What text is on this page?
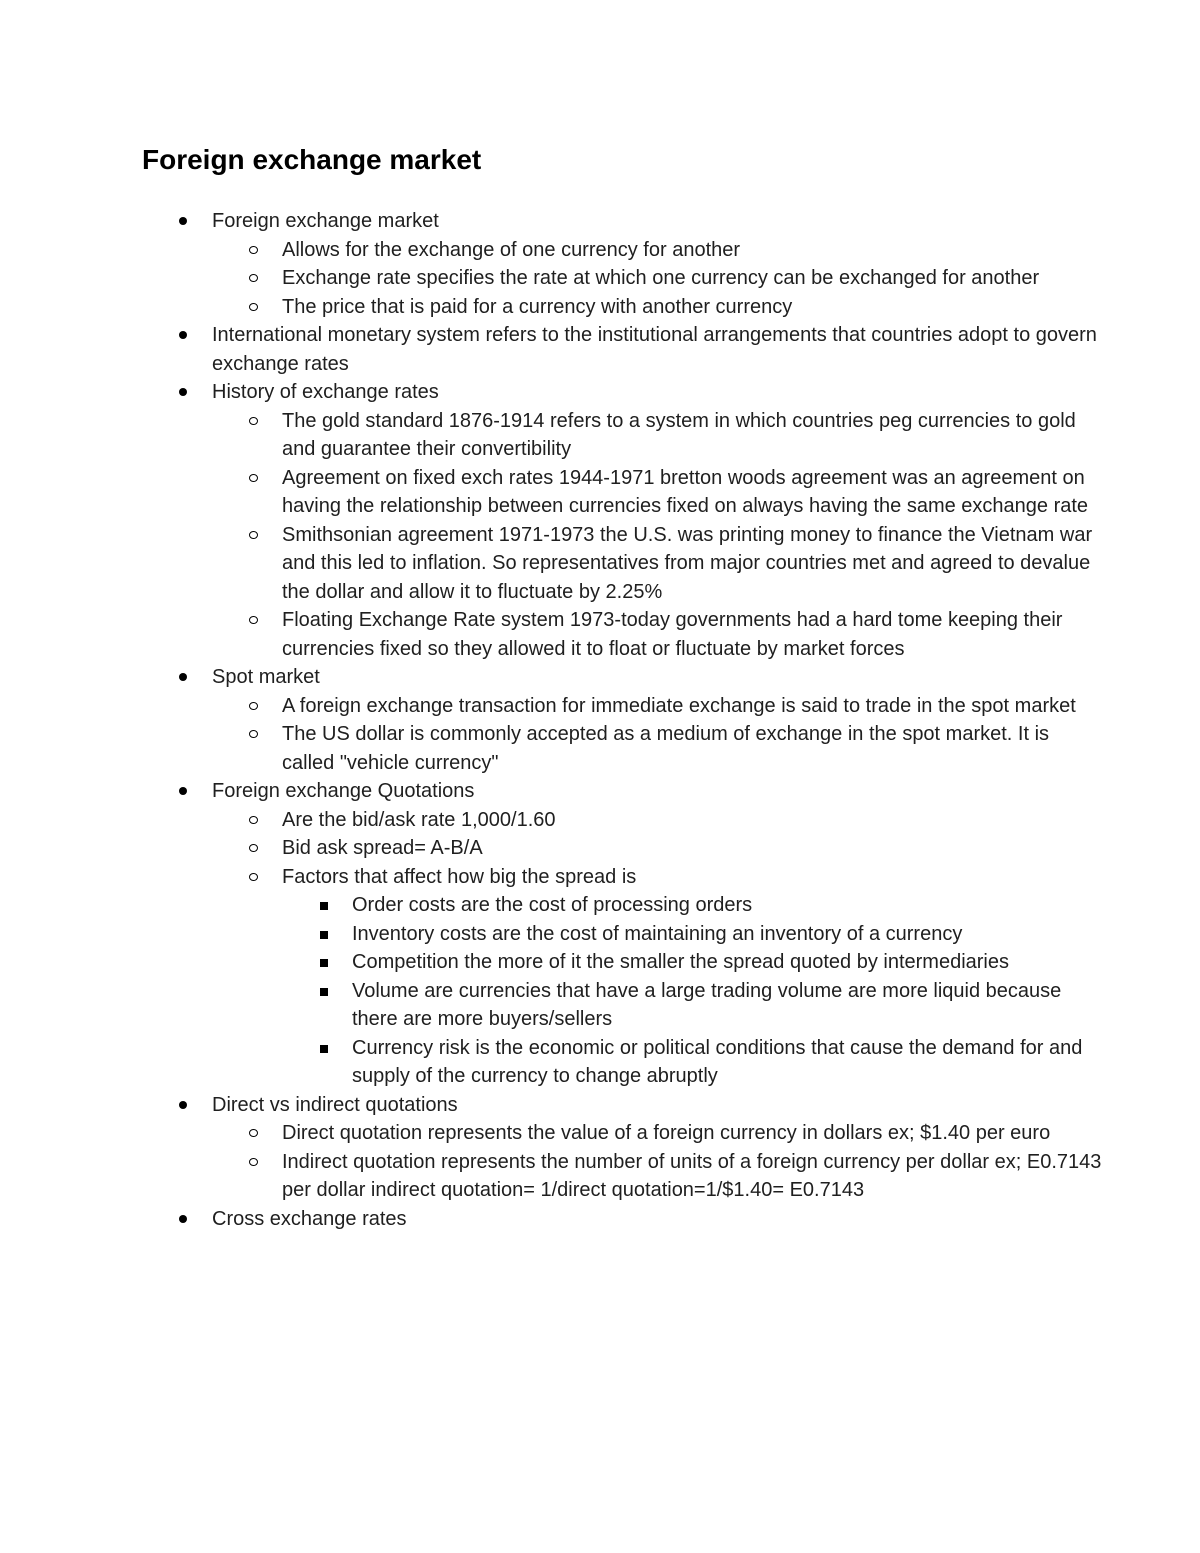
Foreign exchange market
Foreign exchange market
Allows for the exchange of one currency for another
Exchange rate specifies the rate at which one currency can be exchanged for another
The price that is paid for a currency with another currency
International monetary system refers to the institutional arrangements that countries adopt to govern exchange rates
History of exchange rates
The gold standard 1876-1914 refers to a system in which countries peg currencies to gold and guarantee their convertibility
Agreement on fixed exch rates 1944-1971 bretton woods agreement was an agreement on having the relationship between currencies fixed on always having the same exchange rate
Smithsonian agreement 1971-1973 the U.S. was printing money to finance the Vietnam war and this led to inflation. So representatives from major countries met and agreed to devalue the dollar and allow it to fluctuate by 2.25%
Floating Exchange Rate system 1973-today governments had a hard tome keeping their currencies fixed so they allowed it to float or fluctuate by market forces
Spot market
A foreign exchange transaction for immediate exchange is said to trade in the spot market
The US dollar is commonly accepted as a medium of exchange in the spot market. It is called "vehicle currency"
Foreign exchange Quotations
Are the bid/ask rate 1,000/1.60
Bid ask spread= A-B/A
Factors that affect how big the spread is
Order costs are the cost of processing orders
Inventory costs are the cost of maintaining an inventory of a currency
Competition the more of it the smaller the spread quoted by intermediaries
Volume are currencies that have a large trading volume are more liquid because there are more buyers/sellers
Currency risk is the economic or political conditions that cause the demand for and supply of the currency to change abruptly
Direct vs indirect quotations
Direct quotation represents the value of a foreign currency in dollars ex; $1.40 per euro
Indirect quotation represents the number of units of a foreign currency per dollar ex; E0.7143 per dollar indirect quotation= 1/direct quotation=1/$1.40= E0.7143
Cross exchange rates
